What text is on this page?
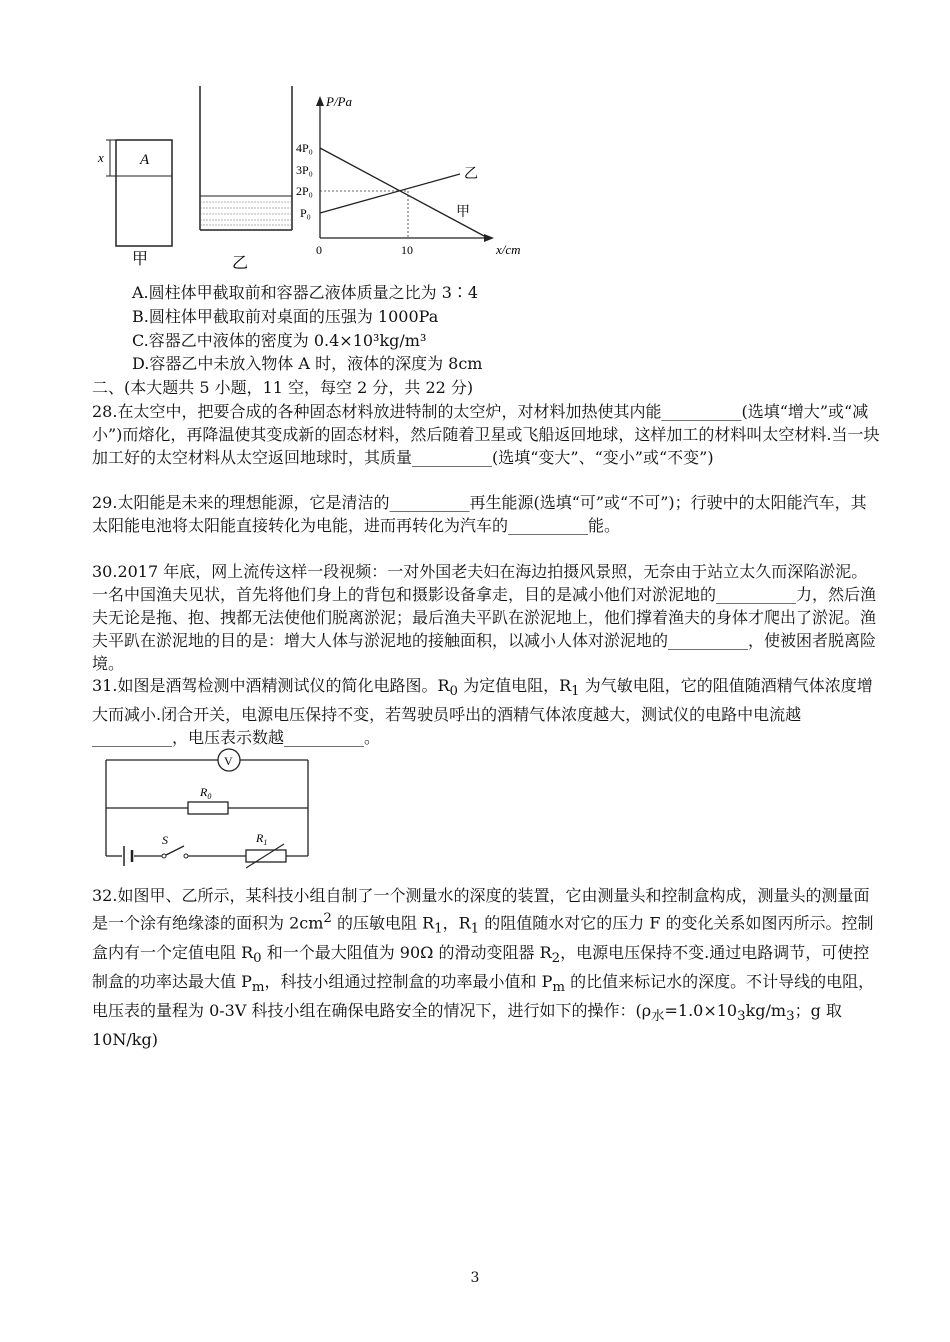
x A
甲	乙
P/Pa
x/cm
4P₀
3P₀
2P₀
P₀
0	10
乙
甲
A.圆柱体甲截取前和容器乙液体质量之比为 3∶4
B.圆柱体甲截取前对桌面的压强为 1000Pa
C.容器乙中液体的密度为 0.4×10³kg/m³
D.容器乙中未放入物体 A 时，液体的深度为 8cm
二、(本大题共 5 小题，11 空，每空 2 分，共 22 分)
28.在太空中，把要合成的各种固态材料放进特制的太空炉，对材料加热使其内能__________(选填“增大”或“减小”)而熔化，再降温使其变成新的固态材料，然后随着卫星或飞船返回地球，这样加工的材料叫太空材料.当一块加工好的太空材料从太空返回地球时，其质量__________(选填“变大”、“变小”或“不变”)
29.太阳能是未来的理想能源，它是清洁的__________再生能源(选填“可”或“不可”)；行驶中的太阳能汽车，其太阳能电池将太阳能直接转化为电能，进而再转化为汽车的__________能。
30.2017 年底，网上流传这样一段视频：一对外国老夫妇在海边拍摄风景照，无奈由于站立太久而深陷淤泥。一名中国渔夫见状，首先将他们身上的背包和摄影设备拿走，目的是减小他们对淤泥地的__________力，然后渔夫无论是拖、抱、拽都无法使他们脱离淤泥；最后渔夫平趴在淤泥地上，他们撑着渔夫的身体才爬出了淤泥。渔夫平趴在淤泥地的目的是：增大人体与淤泥地的接触面积，以减小人体对淤泥地的__________，使被困者脱离险境。
31.如图是酒驾检测中酒精测试仪的简化电路图。$R_0$ 为定值电阻，$R_1$ 为气敏电阻，它的阻值随酒精气体浓度增大而减小.闭合开关，电源电压保持不变，若驾驶员呼出的酒精气体浓度越大，测试仪的电路中电流越__________，电压表示数越__________。
V
$R_0$
S	$R_1$
32.如图甲、乙所示，某科技小组自制了一个测量水的深度的装置，它由测量头和控制盒构成，测量头的测量面是一个涂有绝缘漆的面积为 $2cm^2$ 的压敏电阻 $R_1$，$R_1$ 的阻值随水对它的压力 F 的变化关系如图丙所示。控制盒内有一个定值电阻 $R_0$ 和一个最大阻值为 90Ω 的滑动变阻器 $R_2$，电源电压保持不变.通过电路调节，可使控制盒的功率达最大值 $P_m$，科技小组通过控制盒的功率最小值和 $P_m$ 的比值来标记水的深度。不计导线的电阻，电压表的量程为 0-3V 科技小组在确保电路安全的情况下，进行如下的操作：($\rho_水=1.0\times 10_3kg/m_3$；g 取 10N/kg)
3
